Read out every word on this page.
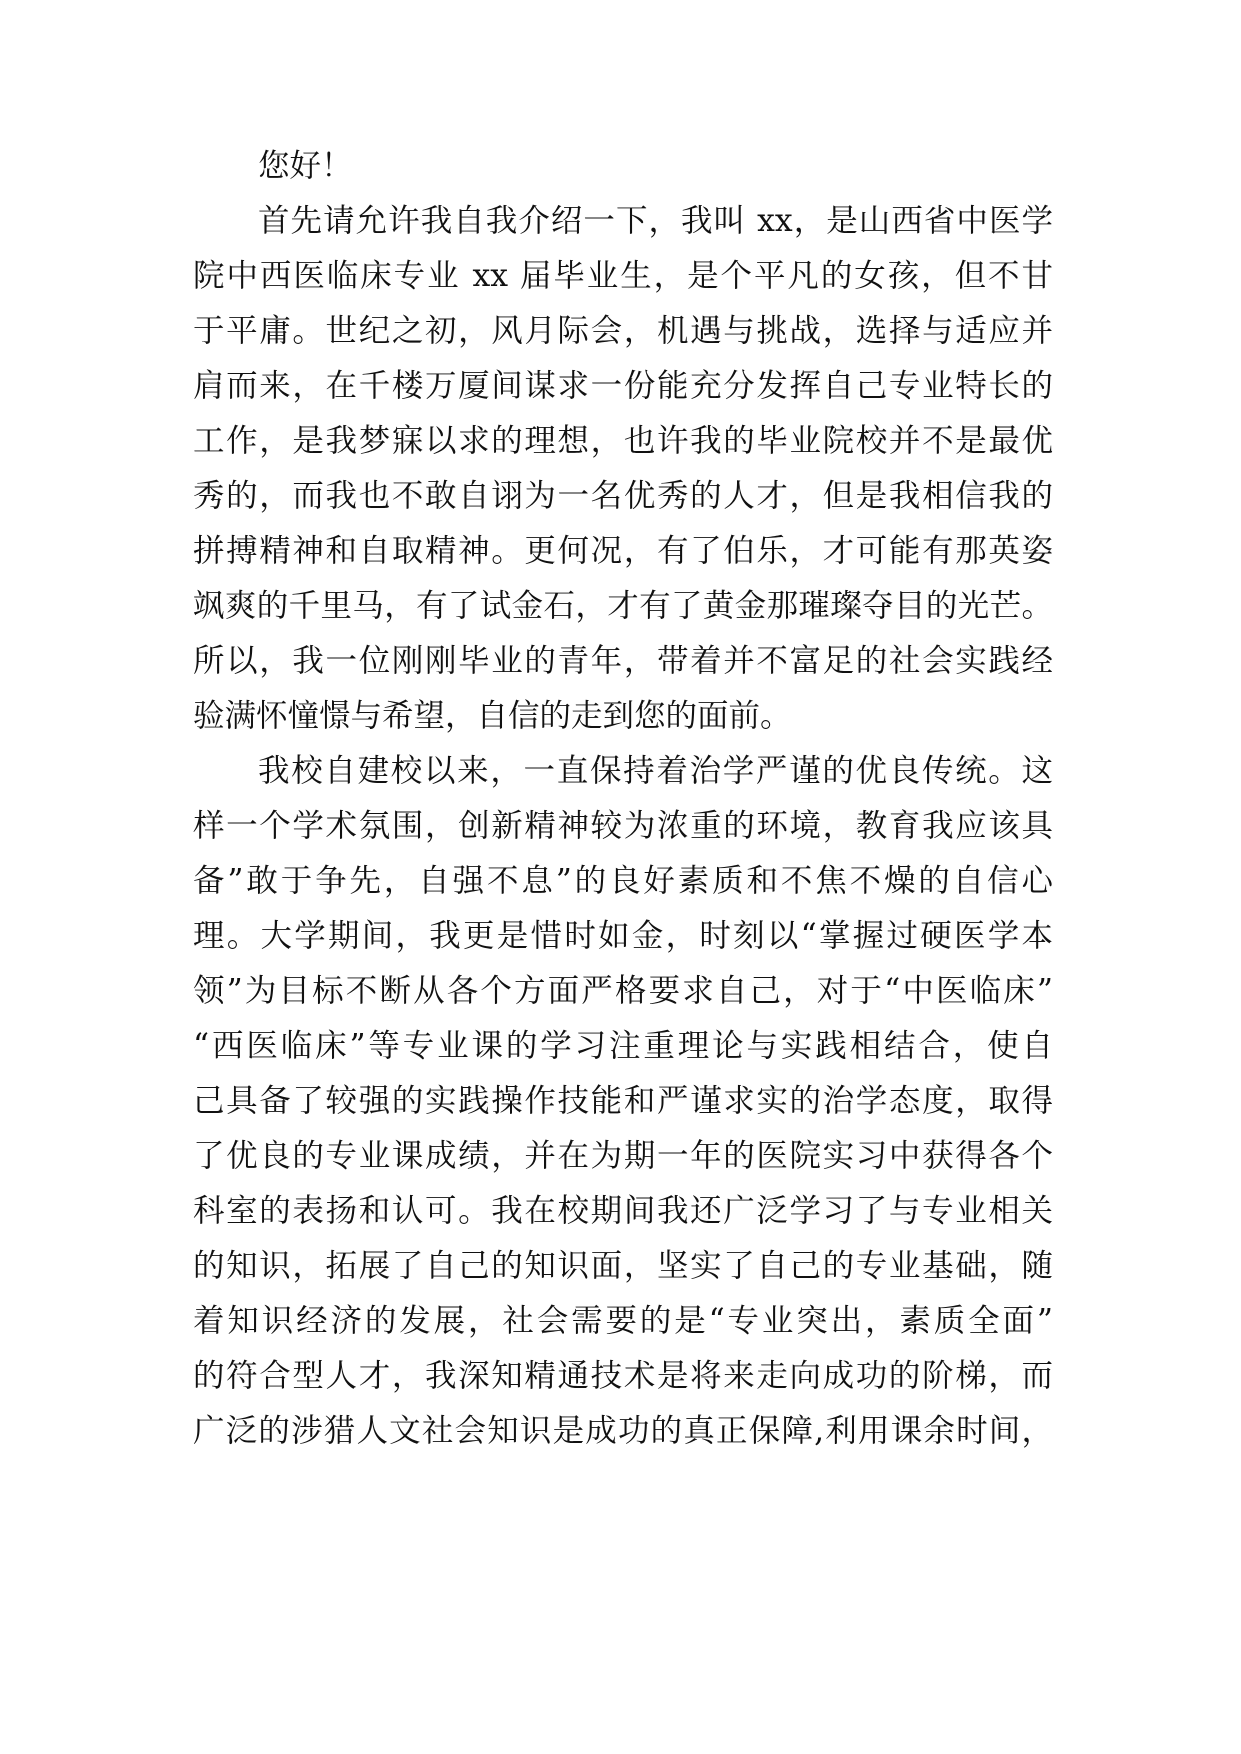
您好！
首先请允许我自我介绍一下，我叫 xx，是山西省中医学
院中西医临床专业 xx 届毕业生，是个平凡的女孩，但不甘
于平庸。世纪之初，风月际会，机遇与挑战，选择与适应并
肩而来，在千楼万厦间谋求一份能充分发挥自己专业特长的
工作，是我梦寐以求的理想，也许我的毕业院校并不是最优
秀的，而我也不敢自诩为一名优秀的人才，但是我相信我的
拼搏精神和自取精神。更何况，有了伯乐，才可能有那英姿
飒爽的千里马，有了试金石，才有了黄金那璀璨夺目的光芒。
所以，我一位刚刚毕业的青年，带着并不富足的社会实践经
验满怀憧憬与希望，自信的走到您的面前。
我校自建校以来，一直保持着治学严谨的优良传统。这
样一个学术氛围，创新精神较为浓重的环境，教育我应该具
备”敢于争先，自强不息”的良好素质和不焦不燥的自信心
理。大学期间，我更是惜时如金，时刻以“掌握过硬医学本
领”为目标不断从各个方面严格要求自己，对于“中医临床”
“西医临床”等专业课的学习注重理论与实践相结合，使自
己具备了较强的实践操作技能和严谨求实的治学态度，取得
了优良的专业课成绩，并在为期一年的医院实习中获得各个
科室的表扬和认可。我在校期间我还广泛学习了与专业相关
的知识，拓展了自己的知识面，坚实了自己的专业基础，随
着知识经济的发展，社会需要的是“专业突出，素质全面”
的符合型人才，我深知精通技术是将来走向成功的阶梯，而
广泛的涉猎人文社会知识是成功的真正保障,利用课余时间，
